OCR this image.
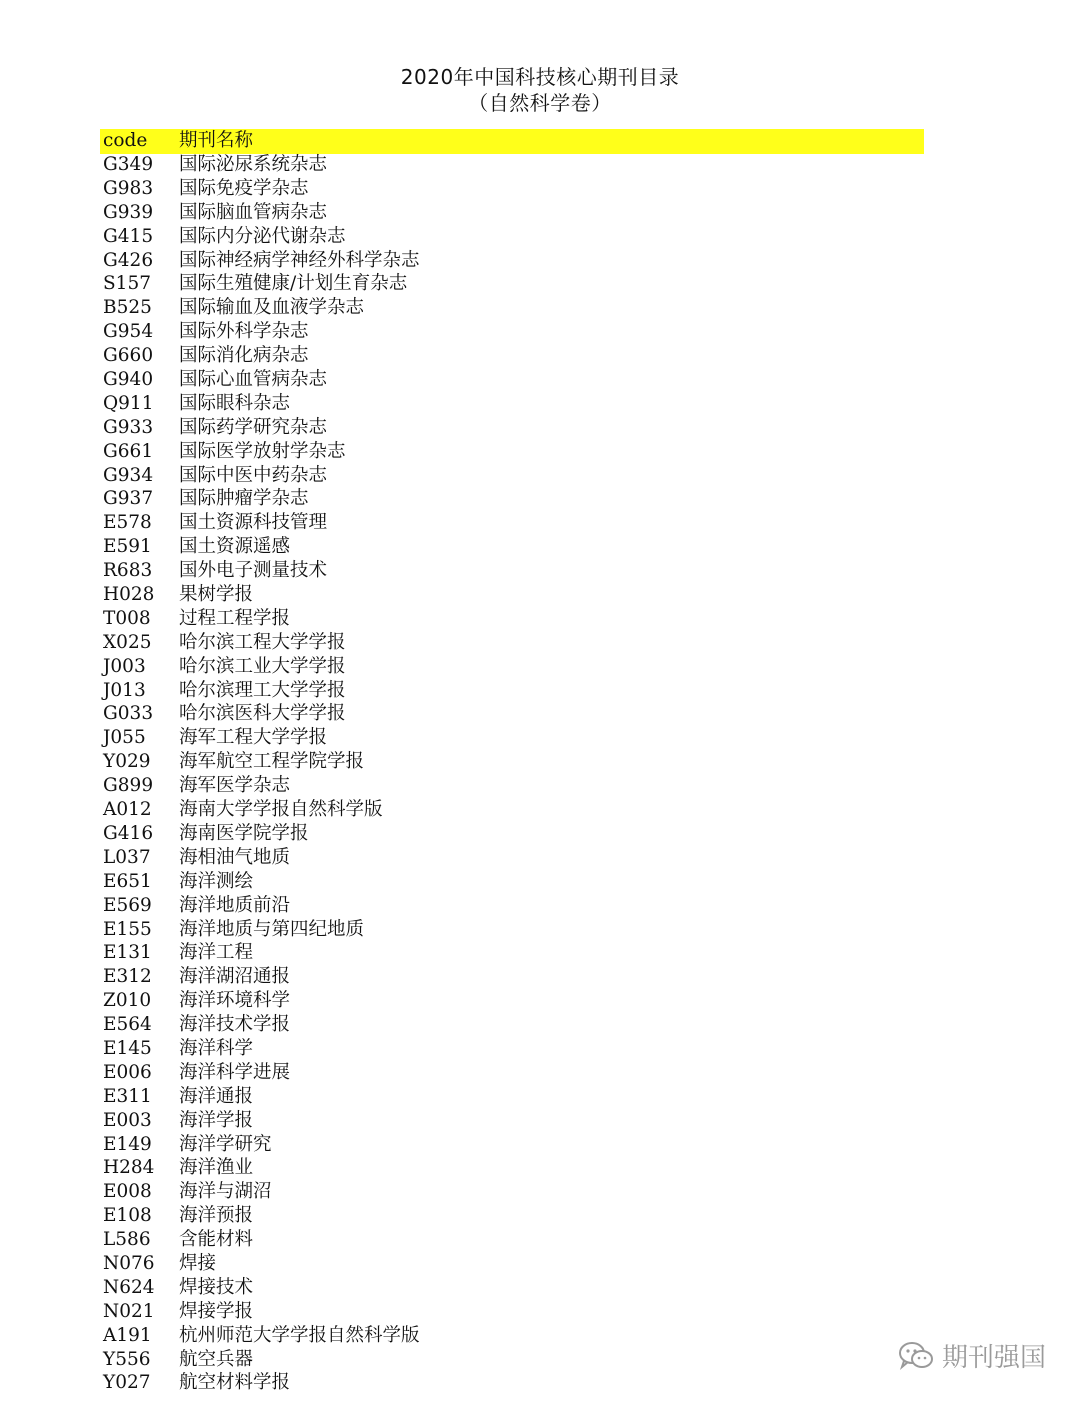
2020年中国科技核心期刊目录
（自然科学卷）
code 期刊名称
G349 国际泌尿系统杂志
G983 国际免疫学杂志
G939 国际脑血管病杂志
G415 国际内分泌代谢杂志
G426 国际神经病学神经外科学杂志
S157 国际生殖健康/计划生育杂志
B525 国际输血及血液学杂志
G954 国际外科学杂志
G660 国际消化病杂志
G940 国际心血管病杂志
Q911 国际眼科杂志
G933 国际药学研究杂志
G661 国际医学放射学杂志
G934 国际中医中药杂志
G937 国际肿瘤学杂志
E578 国土资源科技管理
E591 国土资源遥感
R683 国外电子测量技术
H028 果树学报
T008 过程工程学报
X025 哈尔滨工程大学学报
J003 哈尔滨工业大学学报
J013 哈尔滨理工大学学报
G033 哈尔滨医科大学学报
J055 海军工程大学学报
Y029 海军航空工程学院学报
G899 海军医学杂志
A012 海南大学学报自然科学版
G416 海南医学院学报
L037 海相油气地质
E651 海洋测绘
E569 海洋地质前沿
E155 海洋地质与第四纪地质
E131 海洋工程
E312 海洋湖沼通报
Z010 海洋环境科学
E564 海洋技术学报
E145 海洋科学
E006 海洋科学进展
E311 海洋通报
E003 海洋学报
E149 海洋学研究
H284 海洋渔业
E008 海洋与湖沼
E108 海洋预报
L586 含能材料
N076 焊接
N624 焊接技术
N021 焊接学报
A191 杭州师范大学学报自然科学版
Y556 航空兵器
Y027 航空材料学报
期刊强国
